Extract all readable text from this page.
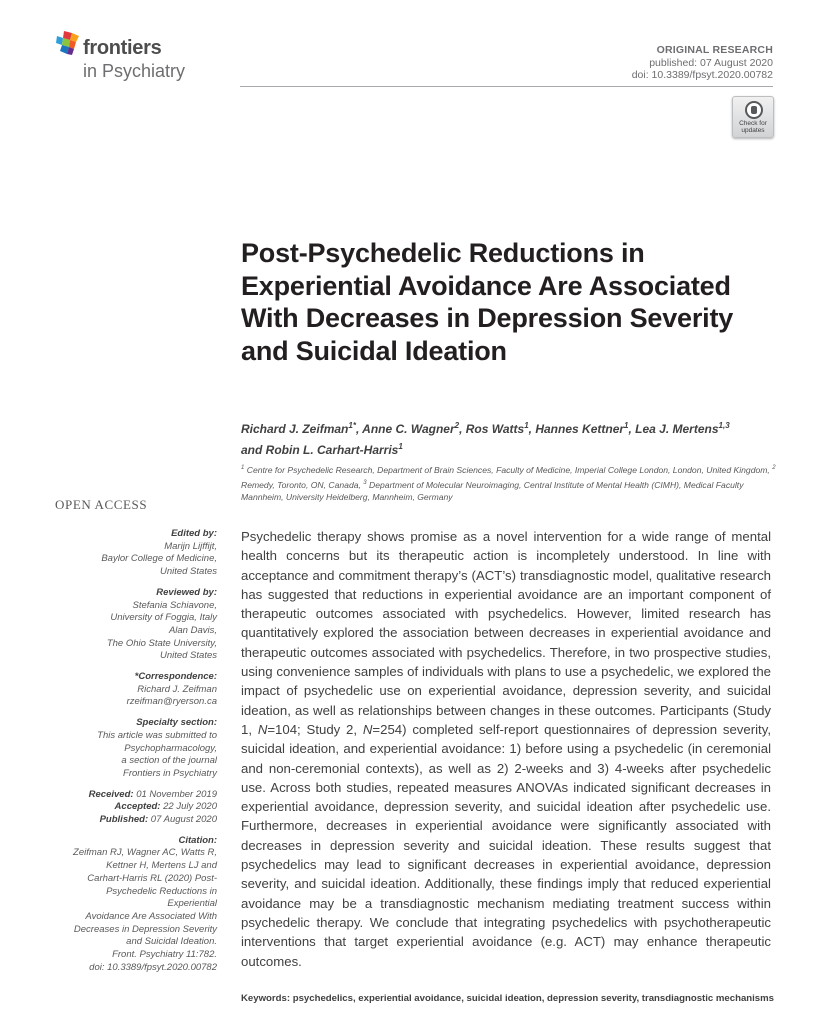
frontiers
in Psychiatry
ORIGINAL RESEARCH
published: 07 August 2020
doi: 10.3389/fpsyt.2020.00782
Check for
updates
Post-Psychedelic Reductions in Experiential Avoidance Are Associated With Decreases in Depression Severity and Suicidal Ideation
Richard J. Zeifman$^{1*}$, Anne C. Wagner$^2$, Ros Watts$^1$, Hannes Kettner$^1$, Lea J. Mertens$^{1,3}$
and Robin L. Carhart-Harris$^1$
$^1$ Centre for Psychedelic Research, Department of Brain Sciences, Faculty of Medicine, Imperial College London, London, United Kingdom, $^2$ Remedy, Toronto, ON, Canada, $^3$ Department of Molecular Neuroimaging, Central Institute of Mental Health (CIMH), Medical Faculty Mannheim, University Heidelberg, Mannheim, Germany
OPEN ACCESS
Edited by:
Marijn Lijffijt,
Baylor College of Medicine,
United States
Reviewed by:
Stefania Schiavone,
University of Foggia, Italy
Alan Davis,
The Ohio State University,
United States
*Correspondence:
Richard J. Zeifman
rzeifman@ryerson.ca
Specialty section:
This article was submitted to
Psychopharmacology,
a section of the journal
Frontiers in Psychiatry
Received: 01 November 2019
Accepted: 22 July 2020
Published: 07 August 2020
Citation:
Zeifman RJ, Wagner AC, Watts R,
Kettner H, Mertens LJ and
Carhart-Harris RL (2020) Post-
Psychedelic Reductions in Experiential
Avoidance Are Associated With
Decreases in Depression Severity
and Suicidal Ideation.
Front. Psychiatry 11:782.
doi: 10.3389/fpsyt.2020.00782

Psychedelic therapy shows promise as a novel intervention for a wide range of mental health concerns but its therapeutic action is incompletely understood. In line with acceptance and commitment therapy’s (ACT’s) transdiagnostic model, qualitative research has suggested that reductions in experiential avoidance are an important component of therapeutic outcomes associated with psychedelics. However, limited research has quantitatively explored the association between decreases in experiential avoidance and therapeutic outcomes associated with psychedelics. Therefore, in two prospective studies, using convenience samples of individuals with plans to use a psychedelic, we explored the impact of psychedelic use on experiential avoidance, depression severity, and suicidal ideation, as well as relationships between changes in these outcomes. Participants (Study 1, N=104; Study 2, N=254) completed self-report questionnaires of depression severity, suicidal ideation, and experiential avoidance: 1) before using a psychedelic (in ceremonial and non-ceremonial contexts), as well as 2) 2-weeks and 3) 4-weeks after psychedelic use. Across both studies, repeated measures ANOVAs indicated significant decreases in experiential avoidance, depression severity, and suicidal ideation after psychedelic use. Furthermore, decreases in experiential avoidance were significantly associated with decreases in depression severity and suicidal ideation. These results suggest that psychedelics may lead to significant decreases in experiential avoidance, depression severity, and suicidal ideation. Additionally, these findings imply that reduced experiential avoidance may be a transdiagnostic mechanism mediating treatment success within psychedelic therapy. We conclude that integrating psychedelics with psychotherapeutic interventions that target experiential avoidance (e.g. ACT) may enhance therapeutic outcomes.

Keywords: psychedelics, experiential avoidance, suicidal ideation, depression severity, transdiagnostic mechanisms
